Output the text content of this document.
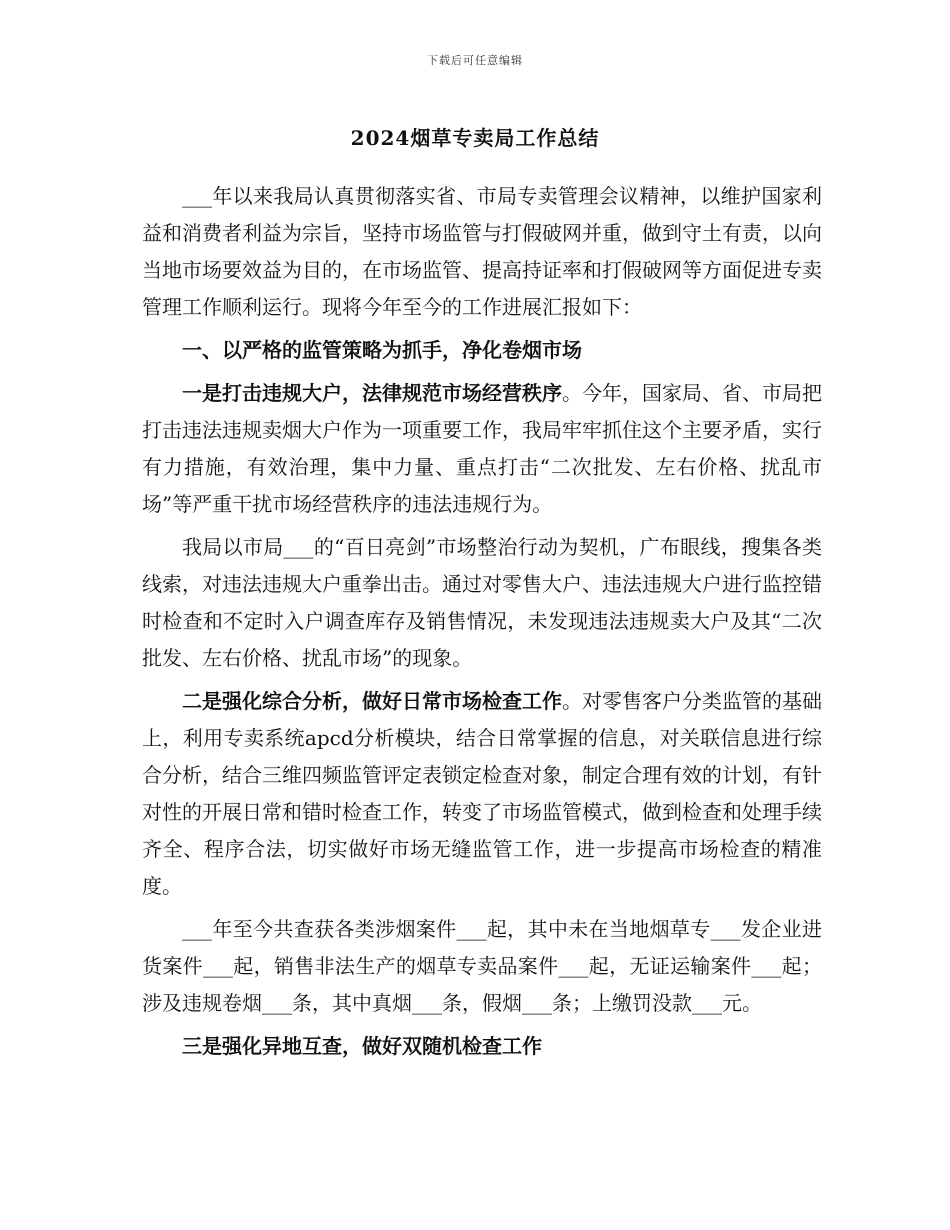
下载后可任意编辑
2024烟草专卖局工作总结

___年以来我局认真贯彻落实省、市局专卖管理会议精神，以维护国家利益和消费者利益为宗旨，坚持市场监管与打假破网并重，做到守土有责，以向当地市场要效益为目的，在市场监管、提高持证率和打假破网等方面促进专卖管理工作顺利运行。现将今年至今的工作进展汇报如下：

一、以严格的监管策略为抓手，净化卷烟市场

一是打击违规大户，法律规范市场经营秩序。今年，国家局、省、市局把打击违法违规卖烟大户作为一项重要工作，我局牢牢抓住这个主要矛盾，实行有力措施，有效治理，集中力量、重点打击“二次批发、左右价格、扰乱市场”等严重干扰市场经营秩序的违法违规行为。

我局以市局___的“百日亮剑”市场整治行动为契机，广布眼线，搜集各类线索，对违法违规大户重拳出击。通过对零售大户、违法违规大户进行监控错时检查和不定时入户调查库存及销售情况，未发现违法违规卖大户及其“二次批发、左右价格、扰乱市场”的现象。

二是强化综合分析，做好日常市场检查工作。对零售客户分类监管的基础上，利用专卖系统apcd分析模块，结合日常掌握的信息，对关联信息进行综合分析，结合三维四频监管评定表锁定检查对象，制定合理有效的计划，有针对性的开展日常和错时检查工作，转变了市场监管模式，做到检查和处理手续齐全、程序合法，切实做好市场无缝监管工作，进一步提高市场检查的精准度。

___年至今共查获各类涉烟案件___起，其中未在当地烟草专___发企业进货案件___起，销售非法生产的烟草专卖品案件___起，无证运输案件___起；涉及违规卷烟___条，其中真烟___条，假烟___条；上缴罚没款___元。

三是强化异地互查，做好双随机检查工作
